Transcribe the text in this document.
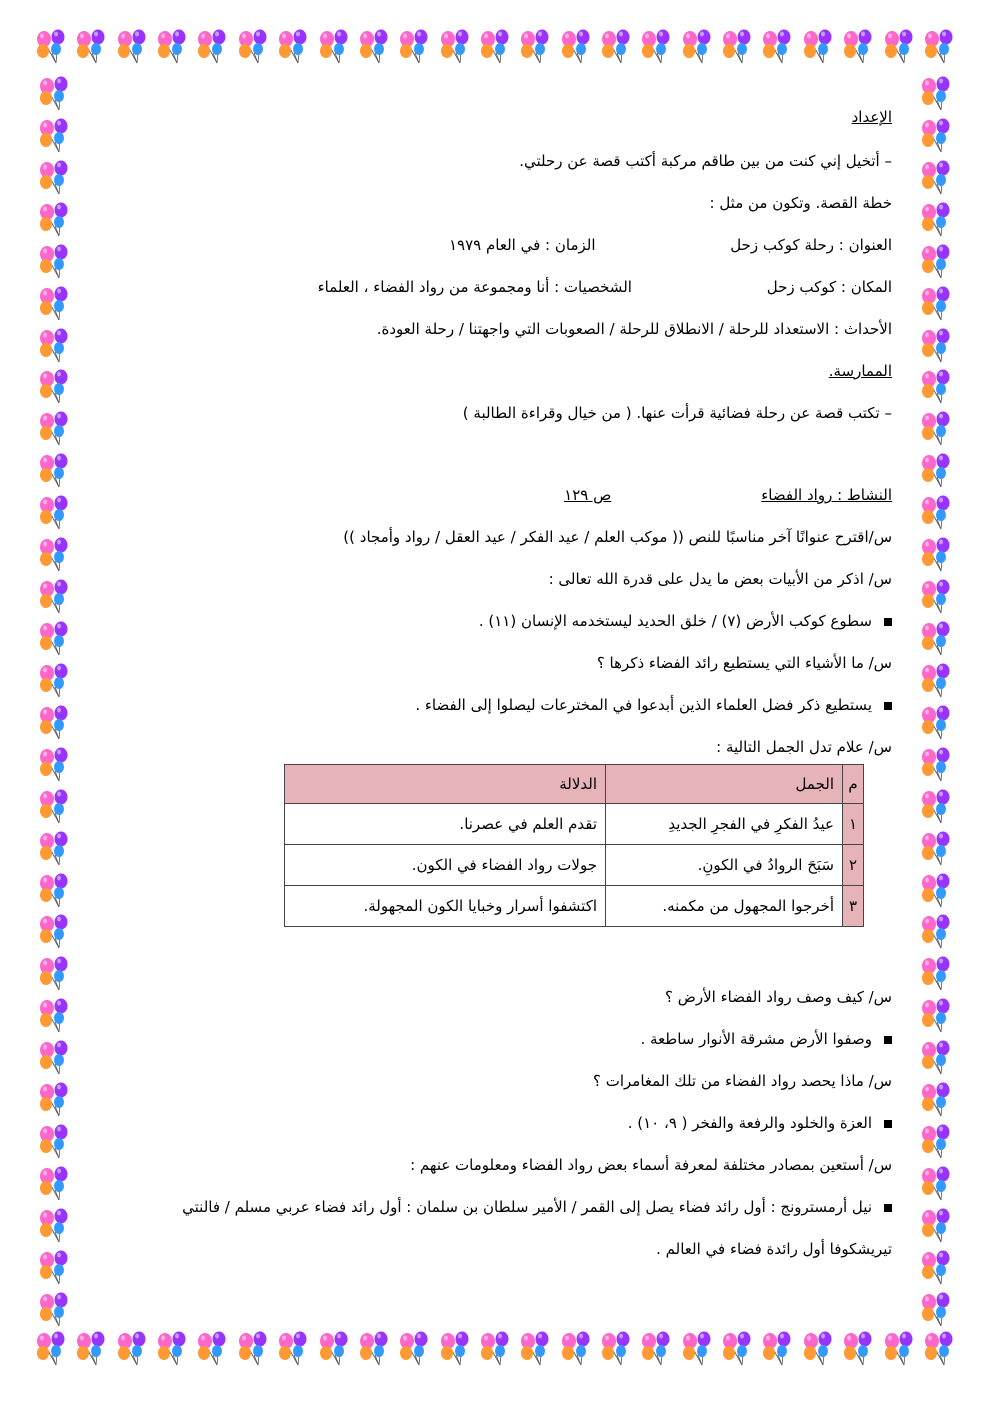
الإعداد
– أتخيل إني كنت من بين طاقم مركبة أكتب قصة عن رحلتي.
خطة القصة. وتكون من مثل :
العنوان : رحلة كوكب زحل الزمان : في العام ١٩٧٩
المكان : كوكب زحل الشخصيات : أنا ومجموعة من رواد الفضاء ، العلماء
الأحداث : الاستعداد للرحلة / الانطلاق للرحلة / الصعوبات التي واجهتنا / رحلة العودة.
الممارسة.
– تكتب قصة عن رحلة فضائية قرأت عنها. ( من خيال وقراءة الطالبة )
النشاط : رواد الفضاءص ١٢٩
س/اقترح عنوانًا آخر مناسبًا للنص (( موكب العلم / عيد الفكر / عيد العقل / رواد وأمجاد ))
س/ اذكر من الأبيات بعض ما يدل على قدرة الله تعالى :
سطوع كوكب الأرض (٧) / خلق الحديد ليستخدمه الإنسان (١١) .
س/ ما الأشياء التي يستطيع رائد الفضاء ذكرها ؟
يستطيع ذكر فضل العلماء الذين أبدعوا في المخترعات ليصلوا إلى الفضاء .
س/ علام تدل الجمل التالية :
س/ كيف وصف رواد الفضاء الأرض ؟
وصفوا الأرض مشرقة الأنوار ساطعة .
س/ ماذا يحصد رواد الفضاء من تلك المغامرات ؟
العزة والخلود والرفعة والفخر ( ٩، ١٠) .
س/ أستعين بمصادر مختلفة لمعرفة أسماء بعض رواد الفضاء ومعلومات عنهم :
نيل أرمسترونج : أول رائد فضاء يصل إلى القمر / الأمير سلطان بن سلمان : أول رائد فضاء عربي مسلم / فالنتي
تيريشكوفا أول رائدة فضاء في العالم .
م	الجمل	الدلالة
١	عيدُ الفكرِ في الفجرِ الجديدِ	تقدم العلم في عصرنا.
٢	سَبَحَ الروادُ في الكونِ.	جولات رواد الفضاء في الكون.
٣	أخرجوا المجهول من مكمنه.	اكتشفوا أسرار وخبايا الكون المجهولة.
